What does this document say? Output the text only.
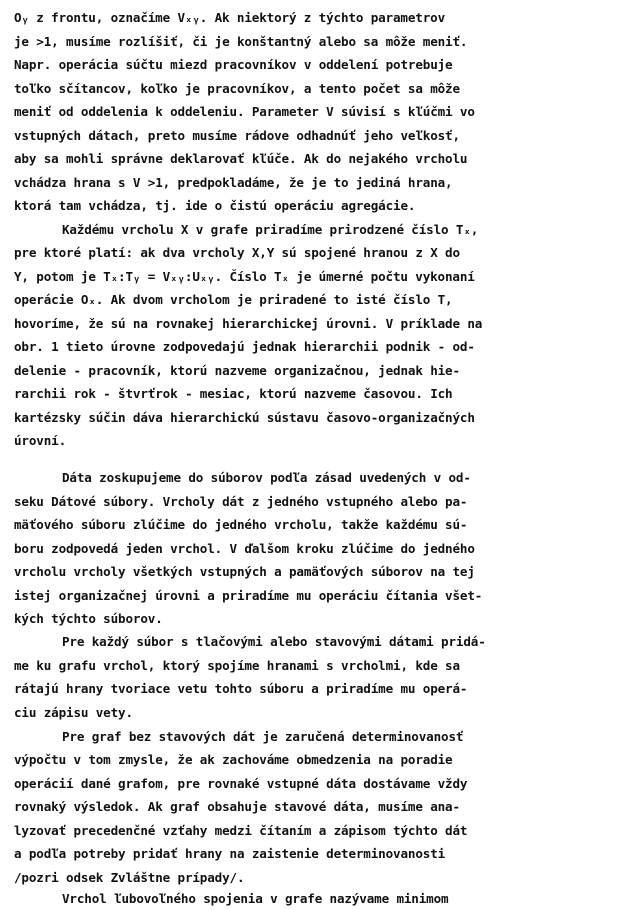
Oᵧ z frontu, označíme Vₓᵧ. Ak niektorý z týchto parametrov
je >1, musíme rozlíšiť, či je konštantný alebo sa môže meniť.
Napr. operácia súčtu miezd pracovníkov v oddelení potrebuje
toľko sčítancov, koľko je pracovníkov, a tento počet sa môže
meniť od oddelenia k oddeleniu. Parameter V súvisí s kľúčmi vo
vstupných dátach, preto musíme rádove odhadnúť jeho veľkosť,
aby sa mohli správne deklarovať kľúče. Ak do nejakého vrcholu
vchádza hrana s V >1, predpokladáme, že je to jediná hrana,
ktorá tam vchádza, tj. ide o čistú operáciu agregácie.
Každému vrcholu X v grafe priradíme prirodzené číslo Tₓ,
pre ktoré platí: ak dva vrcholy X,Y sú spojené hranou z X do
Y, potom je Tₓ:Tᵧ = Vₓᵧ:Uₓᵧ. Číslo Tₓ je úmerné počtu vykonaní
operácie Oₓ. Ak dvom vrcholom je priradené to isté číslo T,
hovoríme, že sú na rovnakej hierarchickej úrovni. V príklade na
obr. 1 tieto úrovne zodpovedajú jednak hierarchii podnik - od-
delenie - pracovník, ktorú nazveme organizačnou, jednak hie-
rarchii rok - štvrťrok - mesiac, ktorú nazveme časovou. Ich
kartézsky súčin dáva hierarchickú sústavu časovo-organizačných
úrovní.
Dáta zoskupujeme do súborov podľa zásad uvedených v od-
seku Dátové súbory. Vrcholy dát z jedného vstupného alebo pa-
mäťového súboru zlúčime do jedného vrcholu, takže každému sú-
boru zodpovedá jeden vrchol. V ďalšom kroku zlúčime do jedného
vrcholu vrcholy všetkých vstupných a pamäťových súborov na tej
istej organizačnej úrovni a priradíme mu operáciu čítania všet-
kých týchto súborov.
Pre každý súbor s tlačovými alebo stavovými dátami pridá-
me ku grafu vrchol, ktorý spojíme hranami s vrcholmi, kde sa
rátajú hrany tvoriace vetu tohto súboru a priradíme mu operá-
ciu zápisu vety.
Pre graf bez stavových dát je zaručená determinovanosť
výpočtu v tom zmysle, že ak zachováme obmedzenia na poradie
operácií dané grafom, pre rovnaké vstupné dáta dostávame vždy
rovnaký výsledok. Ak graf obsahuje stavové dáta, musíme ana-
lyzovať precedenčné vzťahy medzi čítaním a zápisom týchto dát
a podľa potreby pridať hrany na zaistenie determinovanosti
/pozri odsek Zvláštne prípady/.
Vrchol ľubovoľného spojenia v grafe nazývame minimom
